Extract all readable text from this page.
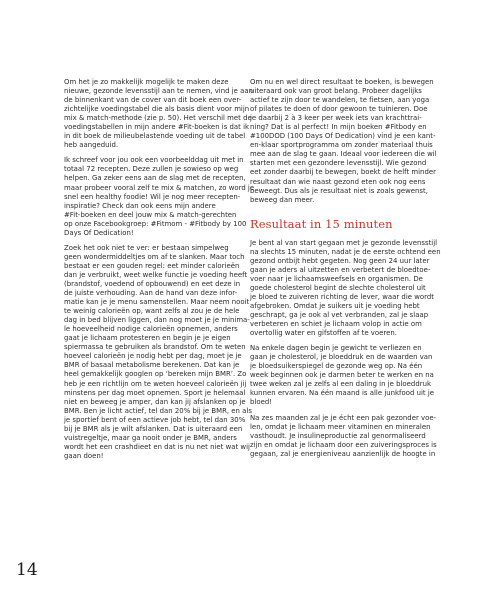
Om het je zo makkelijk mogelijk te maken deze
nieuwe, gezonde levensstijl aan te nemen, vind je aan
de binnenkant van de cover van dit boek een over-
zichtelijke voedingstabel die als basis dient voor mijn
mix & match-methode (zie p. 50). Het verschil met de
voedingstabellen in mijn andere #Fit-boeken is dat ik
in dit boek de milieubelastende voeding uit de tabel
heb aangeduid.
Ik schreef voor jou ook een voorbeelddag uit met in
totaal 72 recepten. Deze zullen je sowieso op weg
helpen. Ga zeker eens aan de slag met de recepten,
maar probeer vooral zelf te mix & matchen, zo word je
snel een healthy foodie! Wil je nog meer recepten-
inspiratie? Check dan ook eens mijn andere
#Fit-boeken en deel jouw mix & match-gerechten
op onze Facebookgroep: #Fitmom - #Fitbody by 100
Days Of Dedication!
Zoek het ook niet te ver: er bestaan simpelweg
geen wondermiddeltjes om af te slanken. Maar toch
bestaat er een gouden regel: eet minder calorieën
dan je verbruikt, weet welke functie je voeding heeft
(brandstof, voedend of opbouwend) en eet deze in
de juiste verhouding. Aan de hand van deze infor-
matie kan je je menu samenstellen. Maar neem nooit
te weinig calorieën op, want zelfs al zou je de hele
dag in bed blijven liggen, dan nog moet je je minima-
le hoeveelheid nodige calorieën opnemen, anders
gaat je lichaam protesteren en begin je je eigen
spiermassa te gebruiken als brandstof. Om te weten
hoeveel calorieën je nodig hebt per dag, moet je je
BMR of basaal metabolisme berekenen. Dat kan je
heel gemakkelijk googlen op ‘bereken mijn BMR’. Zo
heb je een richtlijn om te weten hoeveel calorieën jij
minstens per dag moet opnemen. Sport je helemaal
niet en beweeg je amper, dan kan jij afslanken op je
BMR. Ben je licht actief, tel dan 20% bij je BMR, en als
je sportief bent of een actieve job hebt, tel dan 30%
bij je BMR als je wilt afslanken. Dat is uiteraard een
vuistregeltje, maar ga nooit onder je BMR, anders
wordt het een crashdieet en dat is nu net niet wat wij
gaan doen!
Om nu en wel direct resultaat te boeken, is bewegen
uiteraard ook van groot belang. Probeer dagelijks
actief te zijn door te wandelen, te fietsen, aan yoga
of pilates te doen of door gewoon te tuinieren. Doe
je daarbij 2 à 3 keer per week iets van krachttrai-
ning? Dat is al perfect! In mijn boeken #Fitbody en
#100DOD (100 Days Of Dedication) vind je een kant-
en-klaar sportprogramma om zonder materiaal thuis
mee aan de slag te gaan. Ideaal voor iedereen die wil
starten met een gezondere levensstijl. Wie gezond
eet zonder daarbij te bewegen, boekt de helft minder
resultaat dan wie naast gezond eten ook nog eens
beweegt. Dus als je resultaat niet is zoals gewenst,
beweeg dan meer.
Resultaat in 15 minuten
Je bent al van start gegaan met je gezonde levensstijl
na slechts 15 minuten, nadat je de eerste ochtend een
gezond ontbijt hebt gegeten. Nog geen 24 uur later
gaan je aders al uitzetten en verbetert de bloedtoe-
voer naar je lichaamsweefsels en organismen. De
goede cholesterol begint de slechte cholesterol uit
je bloed te zuiveren richting de lever, waar die wordt
afgebroken. Omdat je suikers uit je voeding hebt
geschrapt, ga je ook al vet verbranden, zal je slaap
verbeteren en schiet je lichaam volop in actie om
overtollig water en gifstoffen af te voeren.
Na enkele dagen begin je gewicht te verliezen en
gaan je cholesterol, je bloeddruk en de waarden van
je bloedsuikerspiegel de gezonde weg op. Na één
week beginnen ook je darmen beter te werken en na
twee weken zal je zelfs al een daling in je bloeddruk
kunnen ervaren. Na één maand is alle junkfood uit je
bloed!
Na zes maanden zal je je écht een pak gezonder voe-
len, omdat je lichaam meer vitaminen en mineralen
vasthoudt. Je insulineproductie zal genormaliseerd
zijn en omdat je lichaam door een zuiveringsproces is
gegaan, zal je energieniveau aanzienlijk de hoogte in
14
